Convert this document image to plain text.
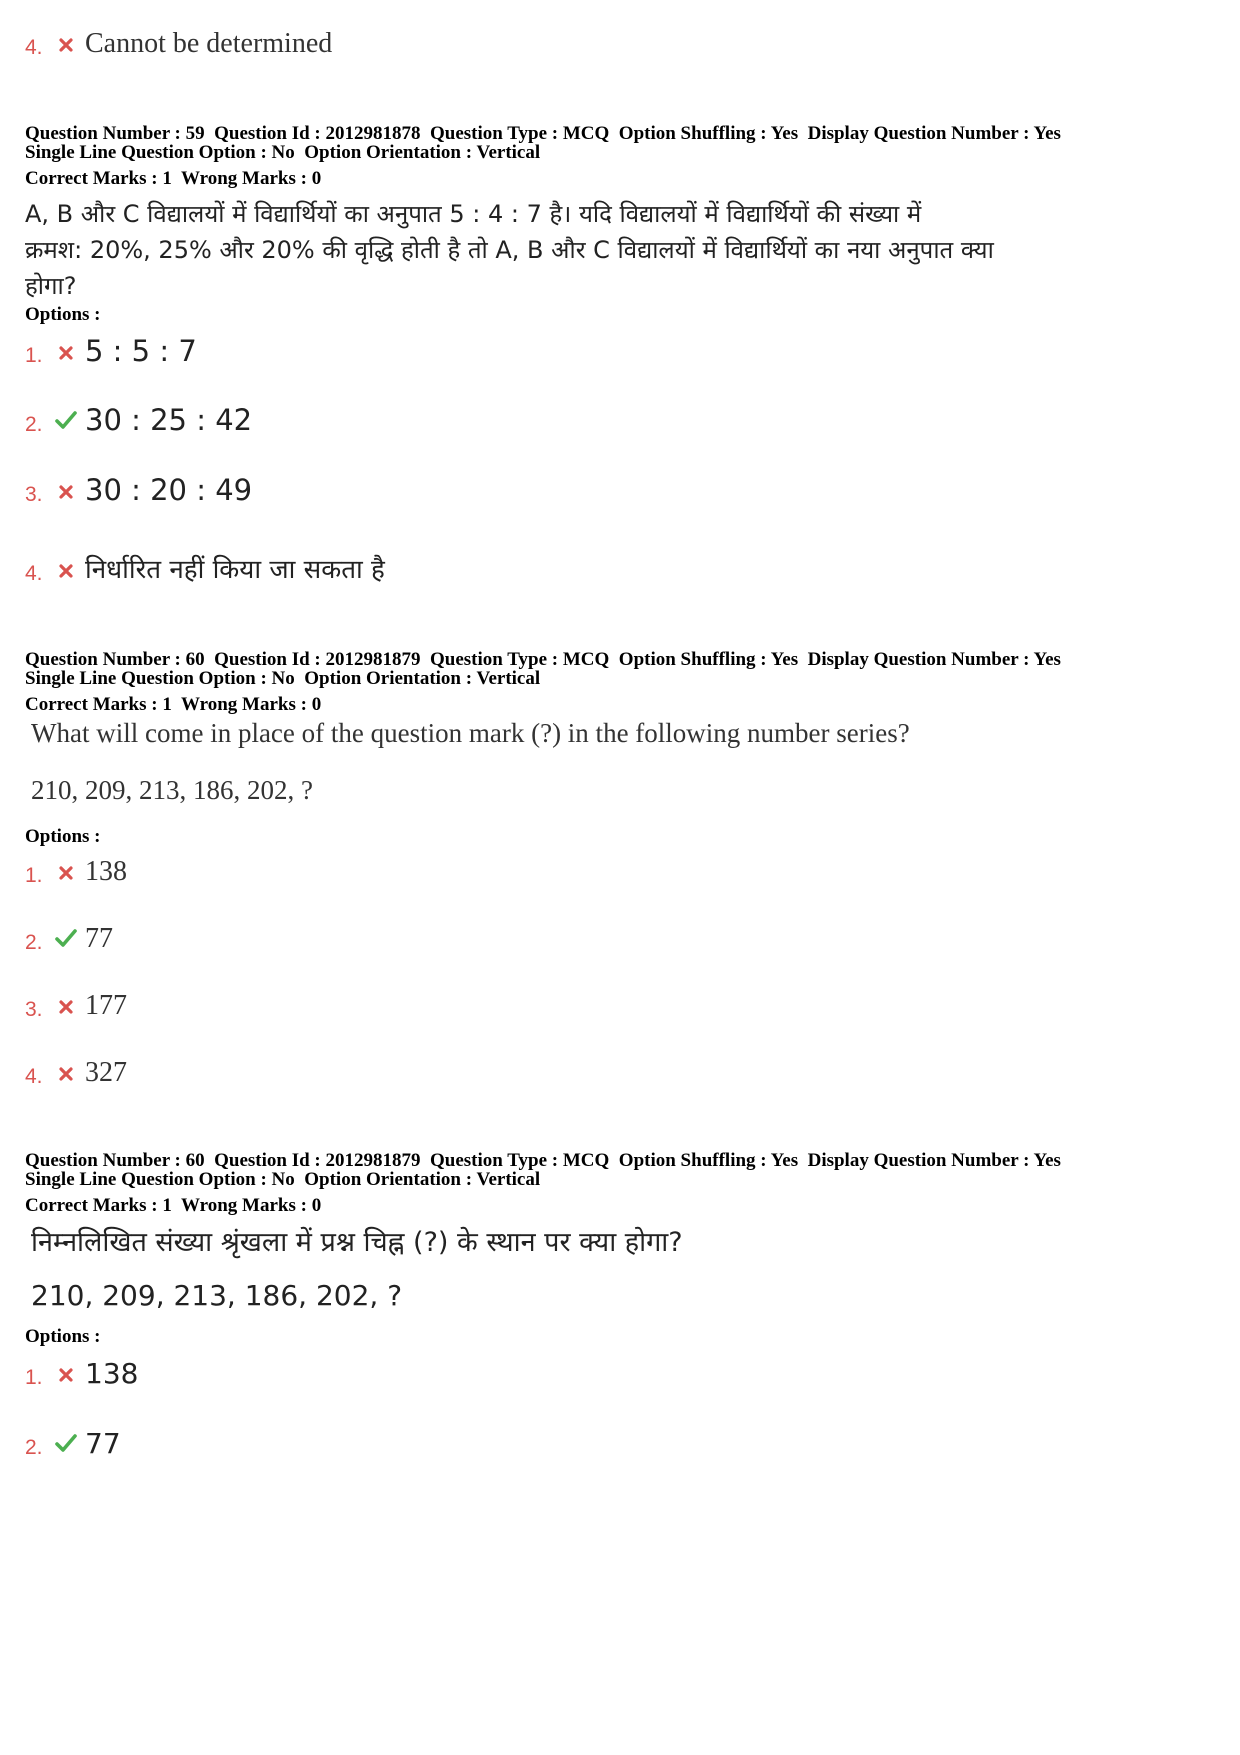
4.	Cannot be determined
Question Number : 59  Question Id : 2012981878  Question Type : MCQ  Option Shuffling : Yes  Display Question Number : Yes
Single Line Question Option : No  Option Orientation : Vertical
Correct Marks : 1  Wrong Marks : 0
A, B और C विद्यालयों में विद्यार्थियों का अनुपात 5 : 4 : 7 है। यदि विद्यालयों में विद्यार्थियों की संख्या में
क्रमश: 20%, 25% और 20% की वृद्धि होती है तो A, B और C विद्यालयों में विद्यार्थियों का नया अनुपात क्या
होगा?
Options :
1. 5 : 5 : 7
2. 30 : 25 : 42
3. 30 : 20 : 49
4.	निर्धारित नहीं किया जा सकता है
Question Number : 60  Question Id : 2012981879  Question Type : MCQ  Option Shuffling : Yes  Display Question Number : Yes
Single Line Question Option : No  Option Orientation : Vertical
Correct Marks : 1  Wrong Marks : 0
What will come in place of the question mark (?) in the following number series?
210, 209, 213, 186, 202, ?
Options :
1.	138
2.	77
3.	177
4.	327
Question Number : 60  Question Id : 2012981879  Question Type : MCQ  Option Shuffling : Yes  Display Question Number : Yes
Single Line Question Option : No  Option Orientation : Vertical
Correct Marks : 1  Wrong Marks : 0
निम्नलिखित संख्या श्रृंखला में प्रश्न चिह्न (?) के स्थान पर क्या होगा?
210, 209, 213, 186, 202, ?
Options :
1.	138
2.	77
